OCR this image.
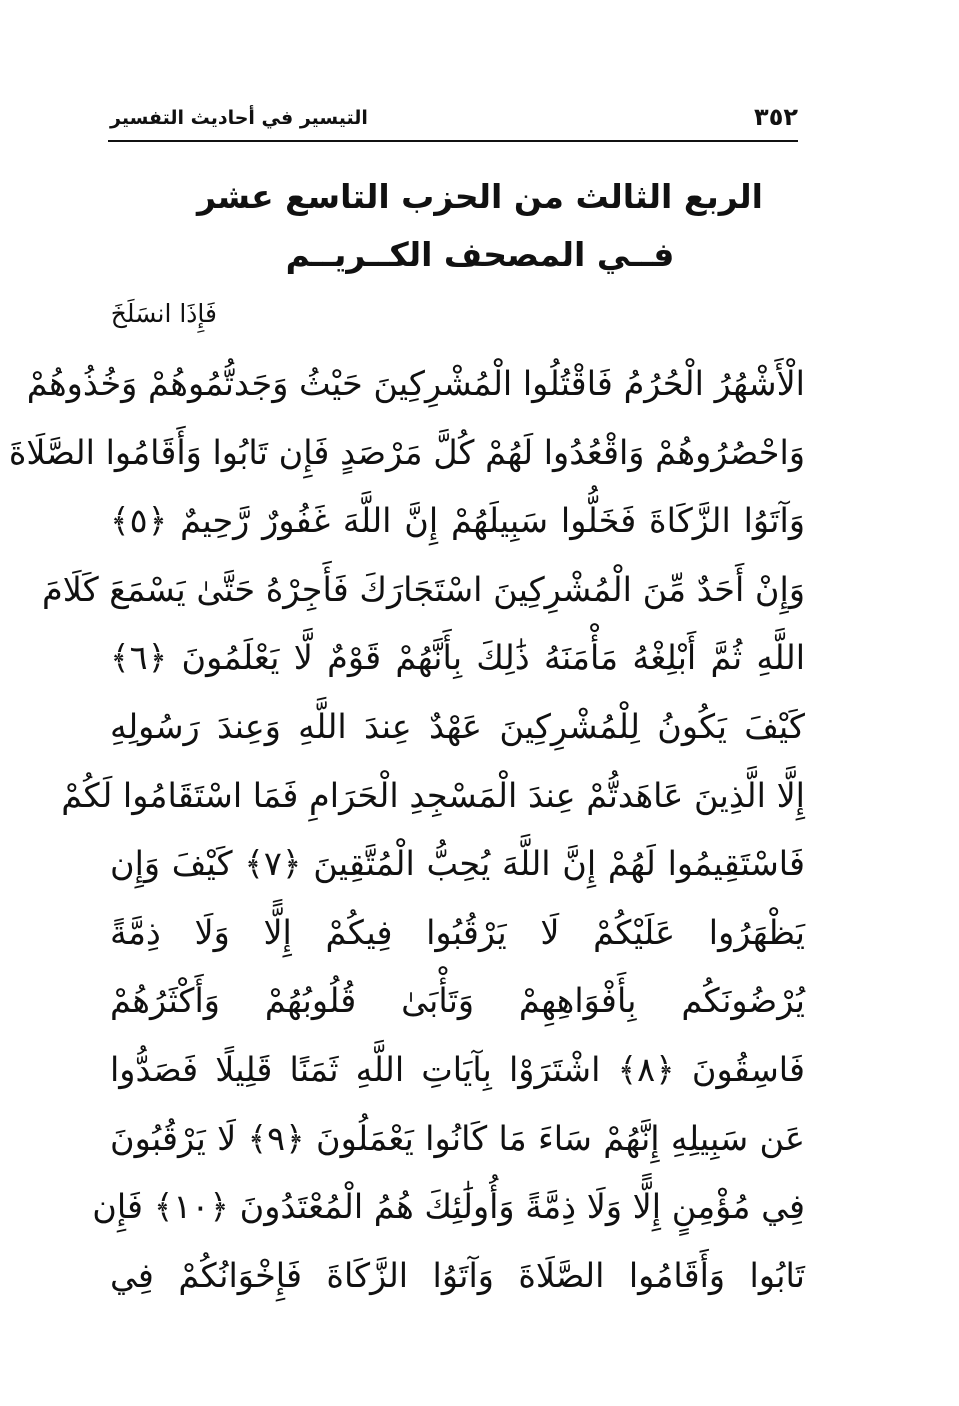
٣٥٢
التيسير في أحاديث التفسير
الربع الثالث من الحزب التاسع عشر
فــي المصحف الكــريــم
فَإِذَا انسَلَخَ
الْأَشْهُرُ الْحُرُمُ فَاقْتُلُوا الْمُشْرِكِينَ حَيْثُ وَجَدتُّمُوهُمْ وَخُذُوهُمْ
وَاحْصُرُوهُمْ وَاقْعُدُوا لَهُمْ كُلَّ مَرْصَدٍ فَإِن تَابُوا وَأَقَامُوا الصَّلَاةَ
وَآتَوُا الزَّكَاةَ فَخَلُّوا سَبِيلَهُمْ إِنَّ اللَّهَ غَفُورٌ رَّحِيمٌ ﴿٥﴾
وَإِنْ أَحَدٌ مِّنَ الْمُشْرِكِينَ اسْتَجَارَكَ فَأَجِرْهُ حَتَّىٰ يَسْمَعَ كَلَامَ
اللَّهِ ثُمَّ أَبْلِغْهُ مَأْمَنَهُ ذَٰلِكَ بِأَنَّهُمْ قَوْمٌ لَّا يَعْلَمُونَ ﴿٦﴾
كَيْفَ يَكُونُ لِلْمُشْرِكِينَ عَهْدٌ عِندَ اللَّهِ وَعِندَ رَسُولِهِ
إِلَّا الَّذِينَ عَاهَدتُّمْ عِندَ الْمَسْجِدِ الْحَرَامِ فَمَا اسْتَقَامُوا لَكُمْ
فَاسْتَقِيمُوا لَهُمْ إِنَّ اللَّهَ يُحِبُّ الْمُتَّقِينَ ﴿٧﴾ كَيْفَ وَإِن
يَظْهَرُوا عَلَيْكُمْ لَا يَرْقُبُوا فِيكُمْ إِلًّا وَلَا ذِمَّةً
يُرْضُونَكُم بِأَفْوَاهِهِمْ وَتَأْبَىٰ قُلُوبُهُمْ وَأَكْثَرُهُمْ
فَاسِقُونَ ﴿٨﴾ اشْتَرَوْا بِآيَاتِ اللَّهِ ثَمَنًا قَلِيلًا فَصَدُّوا
عَن سَبِيلِهِ إِنَّهُمْ سَاءَ مَا كَانُوا يَعْمَلُونَ ﴿٩﴾ لَا يَرْقُبُونَ
فِي مُؤْمِنٍ إِلًّا وَلَا ذِمَّةً وَأُولَٰئِكَ هُمُ الْمُعْتَدُونَ ﴿١٠﴾ فَإِن
تَابُوا وَأَقَامُوا الصَّلَاةَ وَآتَوُا الزَّكَاةَ فَإِخْوَانُكُمْ فِي
